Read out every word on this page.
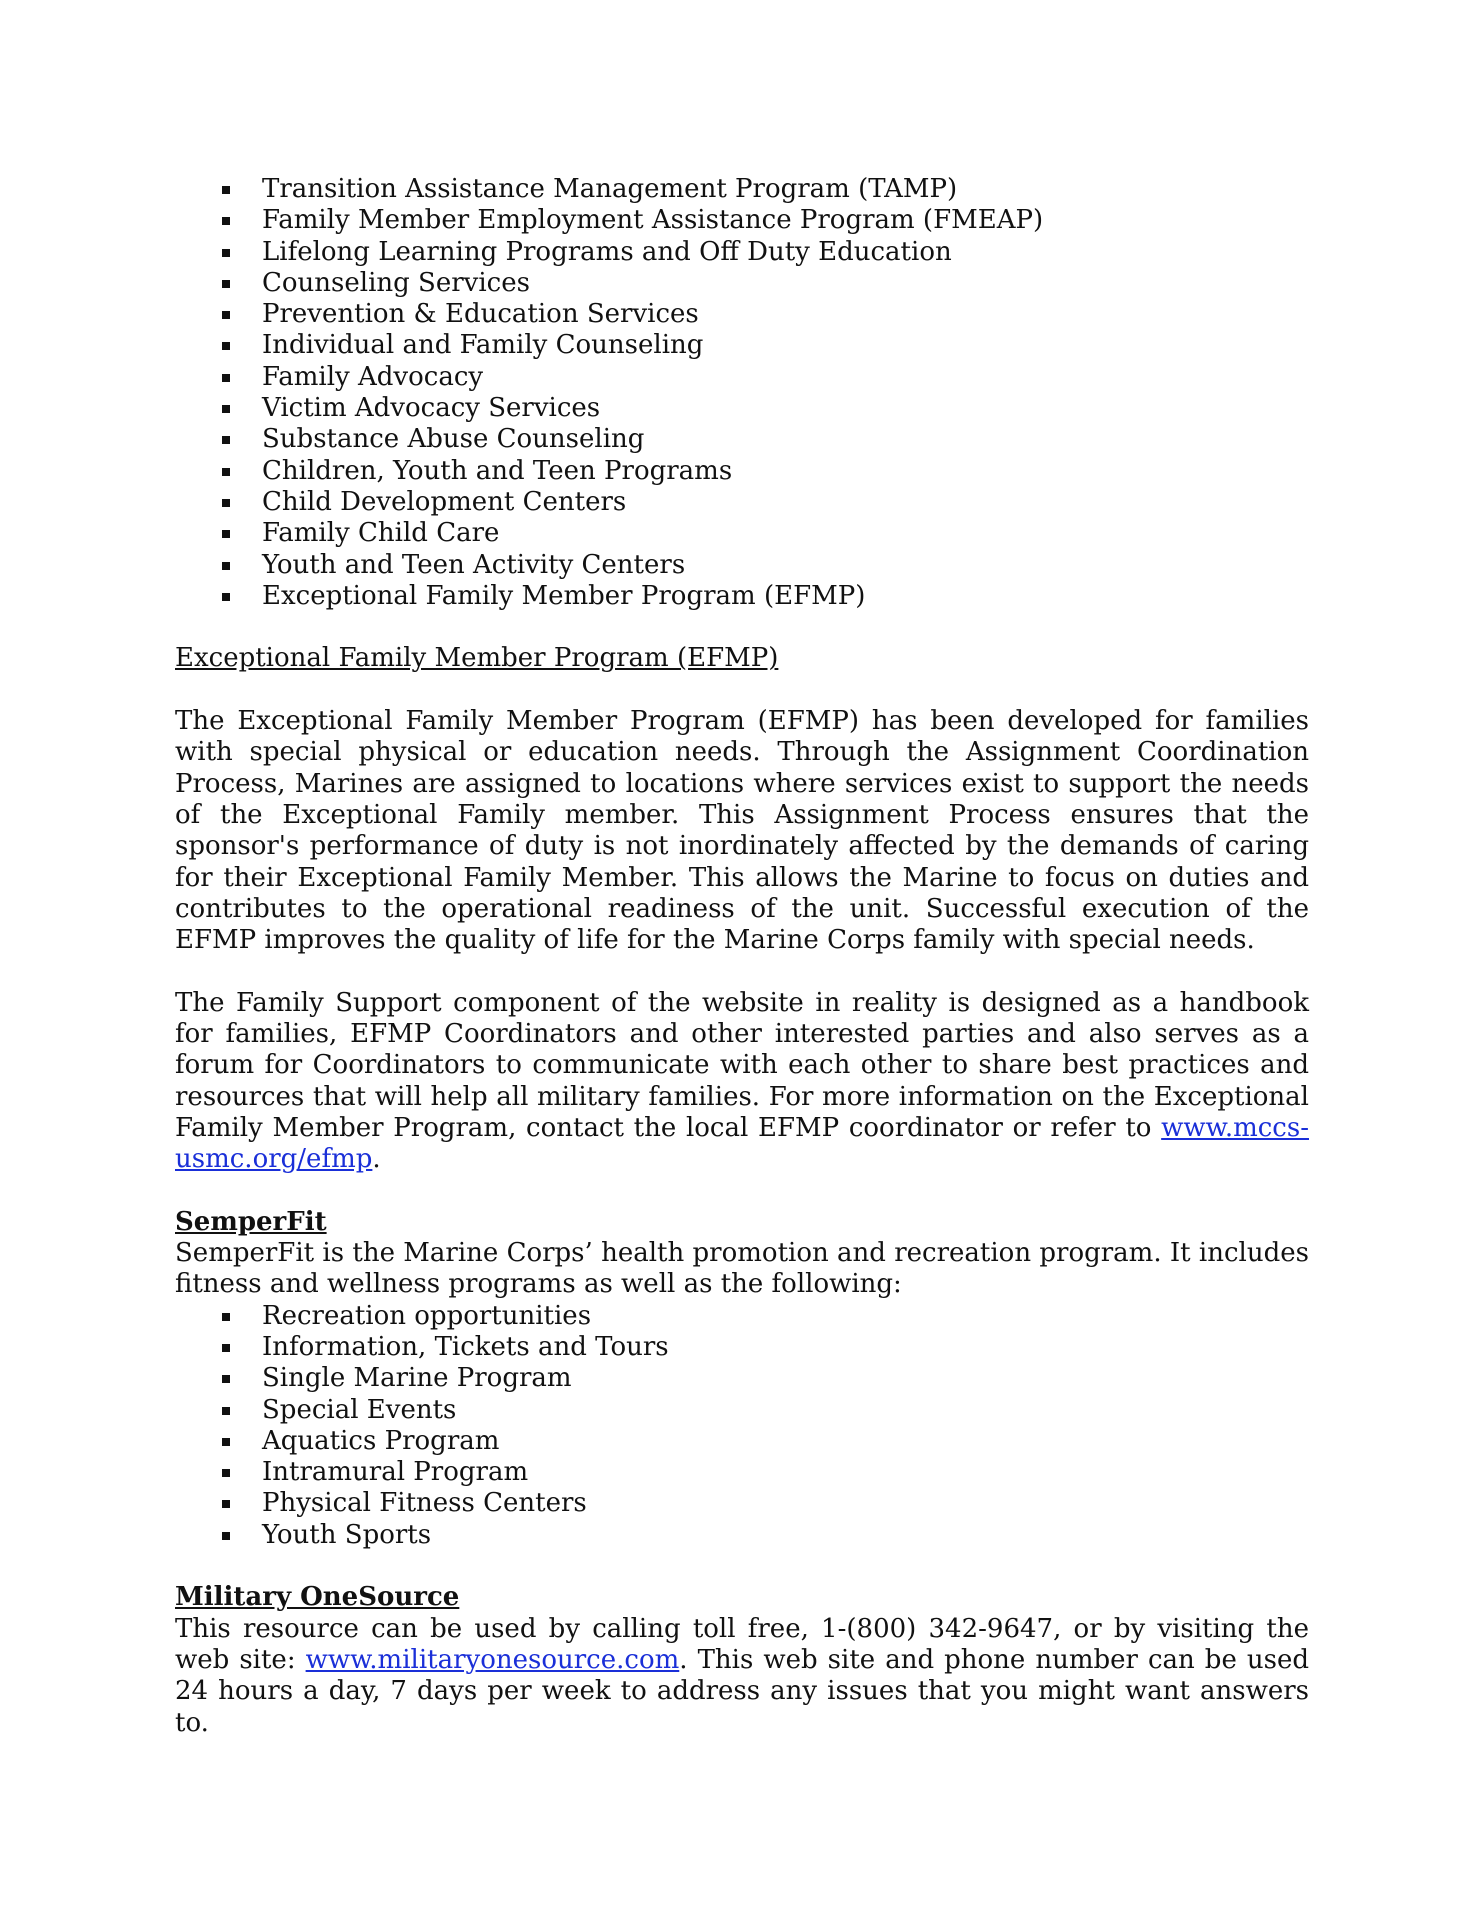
Transition Assistance Management Program (TAMP)
Family Member Employment Assistance Program (FMEAP)
Lifelong Learning Programs and Off Duty Education
Counseling Services
Prevention & Education Services
Individual and Family Counseling
Family Advocacy
Victim Advocacy Services
Substance Abuse Counseling
Children, Youth and Teen Programs
Child Development Centers
Family Child Care
Youth and Teen Activity Centers
Exceptional Family Member Program (EFMP)
Exceptional Family Member Program (EFMP)

The Exceptional Family Member Program (EFMP) has been developed for families with special physical or education needs. Through the Assignment Coordination Process, Marines are assigned to locations where services exist to support the needs of the Exceptional Family member. This Assignment Process ensures that the sponsor's performance of duty is not inordinately affected by the demands of caring for their Exceptional Family Member. This allows the Marine to focus on duties and contributes to the operational readiness of the unit. Successful execution of the EFMP improves the quality of life for the Marine Corps family with special needs.

The Family Support component of the website in reality is designed as a handbook for families, EFMP Coordinators and other interested parties and also serves as a forum for Coordinators to communicate with each other to share best practices and resources that will help all military families. For more information on the Exceptional Family Member Program, contact the local EFMP coordinator or refer to www.mccs-usmc.org/efmp.

SemperFit

SemperFit is the Marine Corps’ health promotion and recreation program. It includes fitness and wellness programs as well as the following:

Recreation opportunities
Information, Tickets and Tours
Single Marine Program
Special Events
Aquatics Program
Intramural Program
Physical Fitness Centers
Youth Sports
Military OneSource

This resource can be used by calling toll free, 1-(800) 342-9647, or by visiting the web site: www.militaryonesource.com. This web site and phone number can be used 24 hours a day, 7 days per week to address any issues that you might want answers to.
